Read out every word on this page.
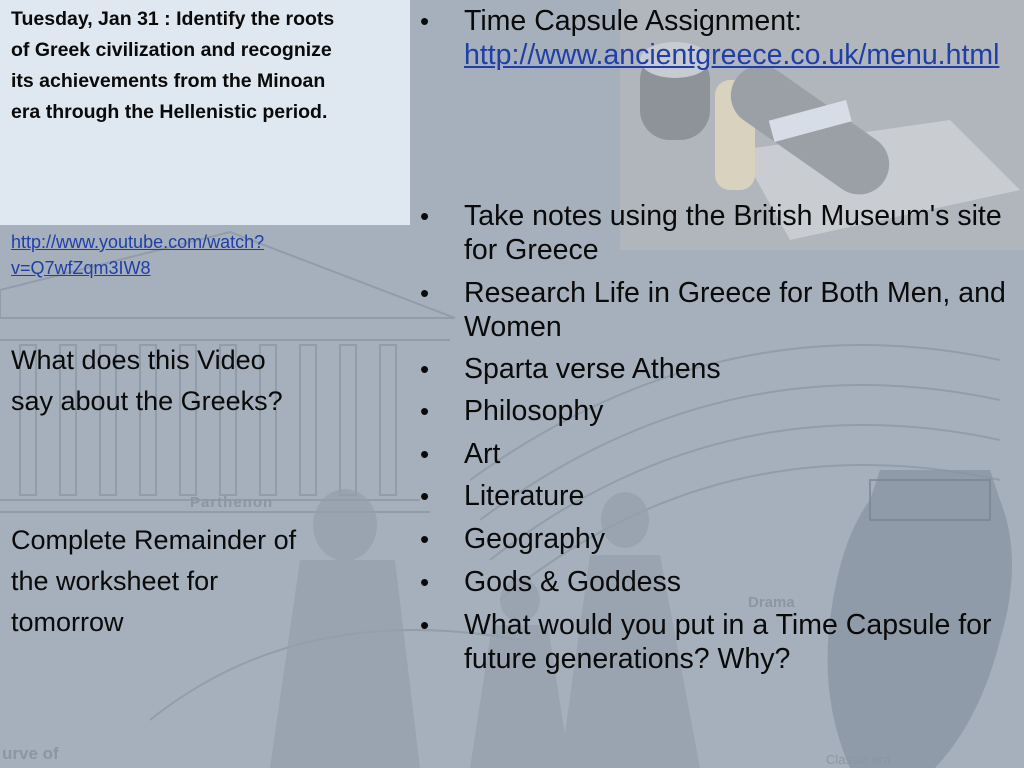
Tuesday, Jan 31 : Identify the roots of Greek civilization and recognize its achievements from the Minoan era through the Hellenistic period.

http://www.youtube.com/watch?v=Q7wfZqm3IW8

What does this Video say about the Greeks?

Complete Remainder of the worksheet for tomorrow

•	Time Capsule Assignment:
http://www.ancientgreece.co.uk/menu.html
•	Take notes using the British Museum's site for Greece
•	Research Life in Greece for Both Men, and Women
•	Sparta verse Athens
•	Philosophy
•	Art
•	Literature
•	Geography
•	Gods & Goddess
•	What would you put in a Time Capsule for future generations? Why?
Parthenon
Drama
urve of	Classic era
